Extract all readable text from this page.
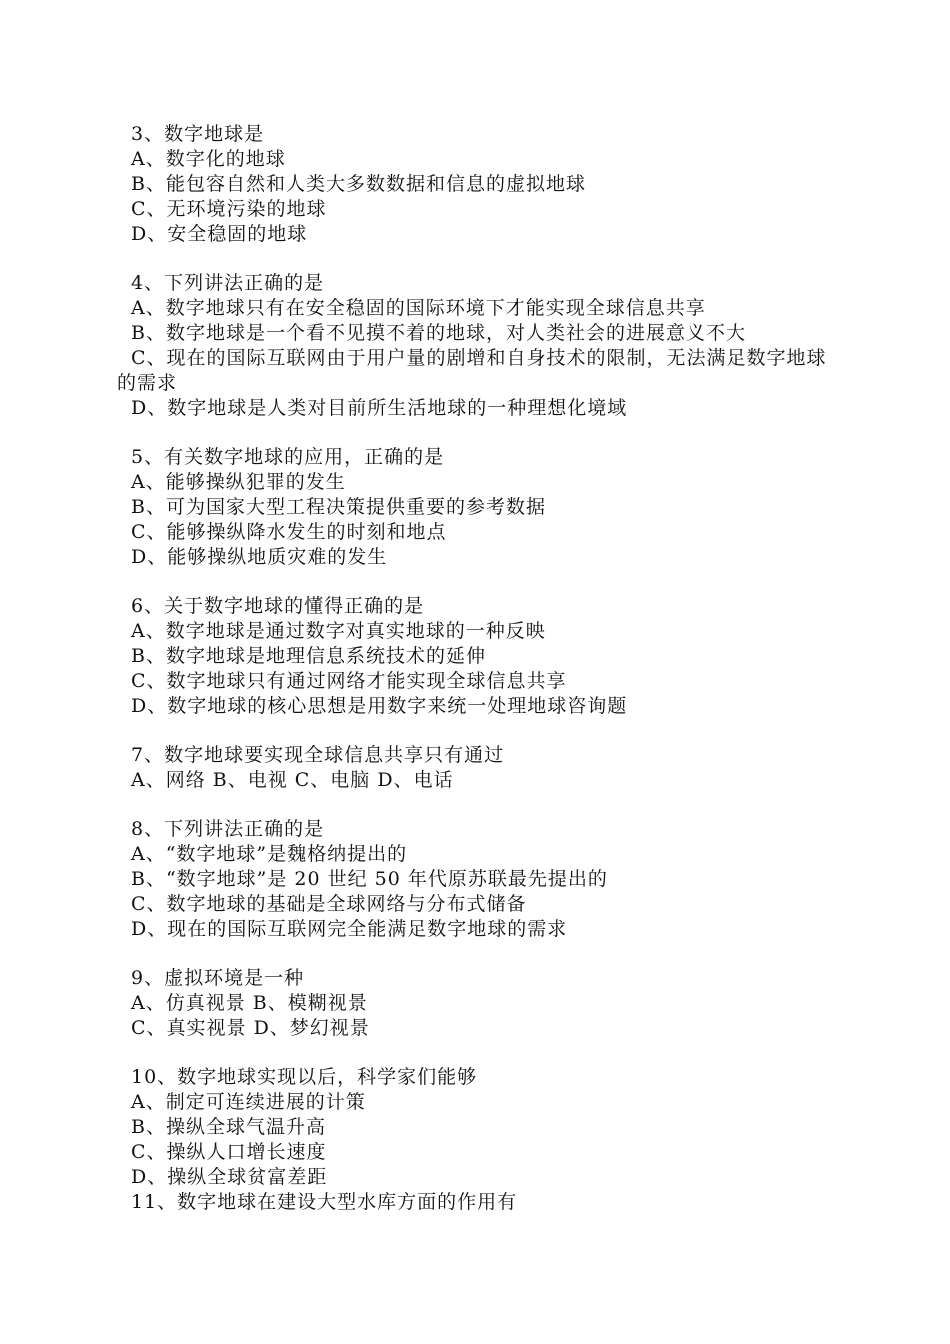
3、数字地球是
A、数字化的地球
B、能包容自然和人类大多数数据和信息的虚拟地球
C、无环境污染的地球
D、安全稳固的地球
4、下列讲法正确的是
A、数字地球只有在安全稳固的国际环境下才能实现全球信息共享
B、数字地球是一个看不见摸不着的地球，对人类社会的进展意义不大
C、现在的国际互联网由于用户量的剧增和自身技术的限制，无法满足数字地球的需求
D、数字地球是人类对目前所生活地球的一种理想化境域
5、有关数字地球的应用，正确的是
A、能够操纵犯罪的发生
B、可为国家大型工程决策提供重要的参考数据
C、能够操纵降水发生的时刻和地点
D、能够操纵地质灾难的发生
6、关于数字地球的懂得正确的是
A、数字地球是通过数字对真实地球的一种反映
B、数字地球是地理信息系统技术的延伸
C、数字地球只有通过网络才能实现全球信息共享
D、数字地球的核心思想是用数字来统一处理地球咨询题
7、数字地球要实现全球信息共享只有通过
A、网络 B、电视 C、电脑 D、电话
8、下列讲法正确的是
A、“数字地球”是魏格纳提出的
B、“数字地球”是 20 世纪 50 年代原苏联最先提出的
C、数字地球的基础是全球网络与分布式储备
D、现在的国际互联网完全能满足数字地球的需求
9、虚拟环境是一种
A、仿真视景 B、模糊视景
C、真实视景 D、梦幻视景
10、数字地球实现以后，科学家们能够
A、制定可连续进展的计策
B、操纵全球气温升高
C、操纵人口增长速度
D、操纵全球贫富差距
11、数字地球在建设大型水库方面的作用有
